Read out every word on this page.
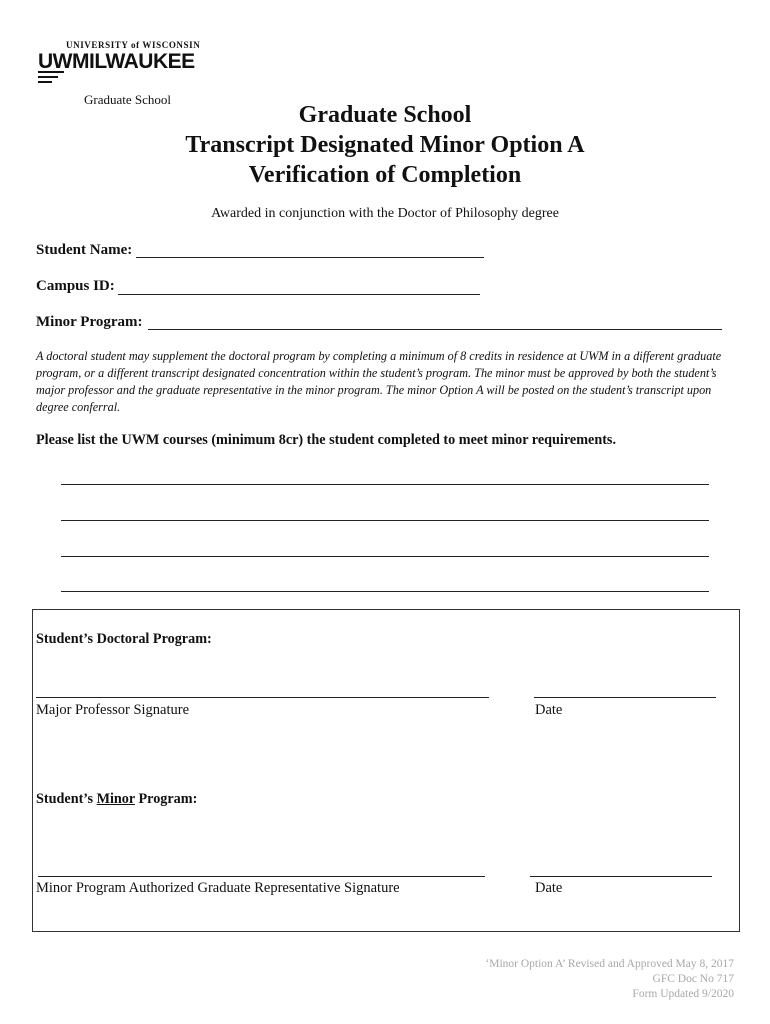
UNIVERSITY of WISCONSIN
UWMILWAUKEE
Graduate School
Graduate School
Transcript Designated Minor Option A
Verification of Completion
Awarded in conjunction with the Doctor of Philosophy degree
Student Name:
Campus ID:
Minor Program:
A doctoral student may supplement the doctoral program by completing a minimum of 8 credits in residence at UWM in a different graduate program, or a different transcript designated concentration within the student’s program. The minor must be approved by both the student’s major professor and the graduate representative in the minor program. The minor Option A will be posted on the student’s transcript upon degree conferral.
Please list the UWM courses (minimum 8cr) the student completed to meet minor requirements.
Student’s Doctoral Program:
Major Professor Signature	Date
Student’s Minor Program:
Minor Program Authorized Graduate Representative Signature	Date
‘Minor Option A’ Revised and Approved May 8, 2017
GFC Doc No 717
Form Updated 9/2020
